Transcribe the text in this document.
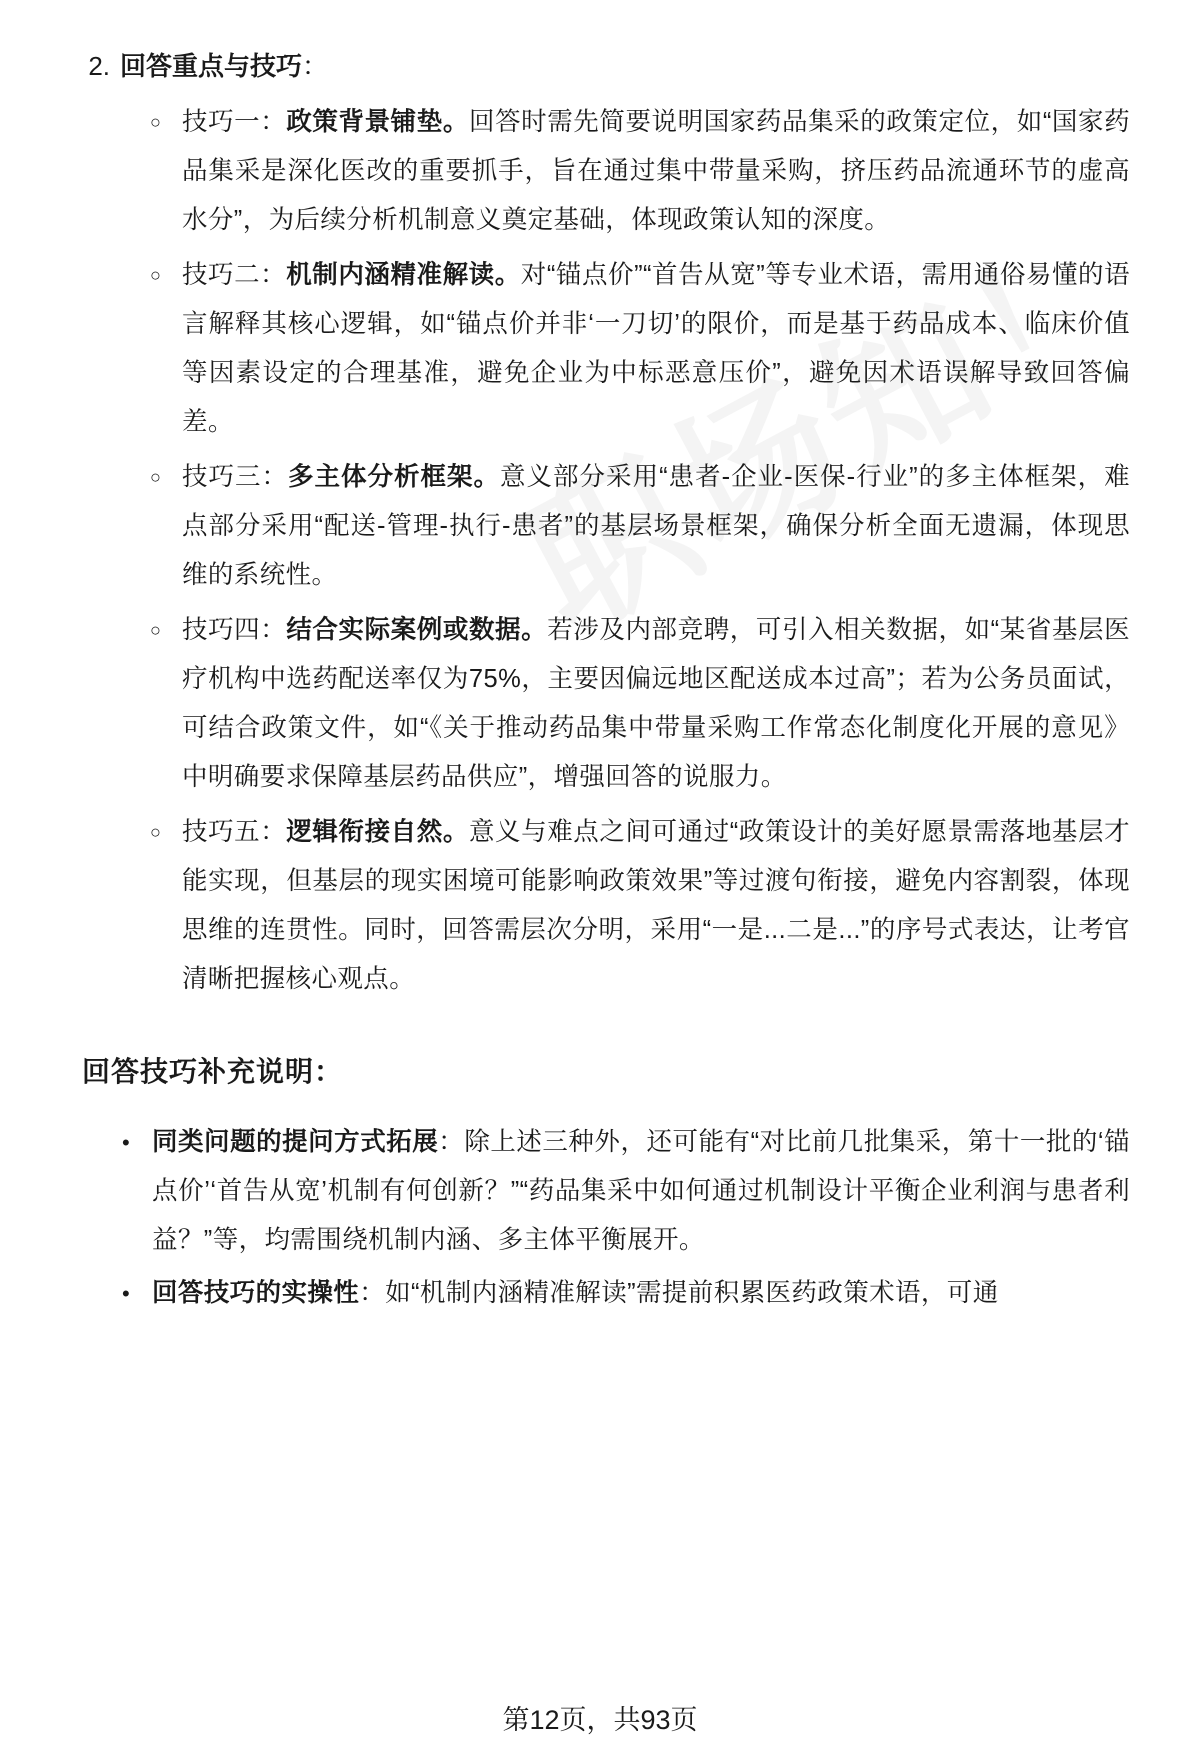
2. 回答重点与技巧：
○ 技巧一：政策背景铺垫。回答时需先简要说明国家药品集采的政策定位，如“国家药品集采是深化医改的重要抓手，旨在通过集中带量采购，挤压药品流通环节的虚高水分”，为后续分析机制意义奠定基础，体现政策认知的深度。
○ 技巧二：机制内涵精准解读。对“锚点价”“首告从宽”等专业术语，需用通俗易懂的语言解释其核心逻辑，如“锚点价并非‘一刀切’的限价，而是基于药品成本、临床价值等因素设定的合理基准，避免企业为中标恶意压价”，避免因术语误解导致回答偏差。
○ 技巧三：多主体分析框架。意义部分采用“患者-企业-医保-行业”的多主体框架，难点部分采用“配送-管理-执行-患者”的基层场景框架，确保分析全面无遗漏，体现思维的系统性。
○ 技巧四：结合实际案例或数据。若涉及内部竞聘，可引入相关数据，如“某省基层医疗机构中选药配送率仅为75%，主要因偏远地区配送成本过高”；若为公务员面试，可结合政策文件，如“《关于推动药品集中带量采购工作常态化制度化开展的意见》中明确要求保障基层药品供应”，增强回答的说服力。
○ 技巧五：逻辑衔接自然。意义与难点之间可通过“政策设计的美好愿景需落地基层才能实现，但基层的现实困境可能影响政策效果”等过渡句衔接，避免内容割裂，体现思维的连贯性。同时，回答需层次分明，采用“一是...二是...”的序号式表达，让考官清晰把握核心观点。
回答技巧补充说明：
• 同类问题的提问方式拓展：除上述三种外，还可能有“对比前几批集采，第十一批的‘锚点价’‘首告从宽’机制有何创新？”“药品集采中如何通过机制设计平衡企业利润与患者利益？”等，均需围绕机制内涵、多主体平衡展开。
• 回答技巧的实操性：如“机制内涵精准解读”需提前积累医药政策术语，可通
第12页，共93页
